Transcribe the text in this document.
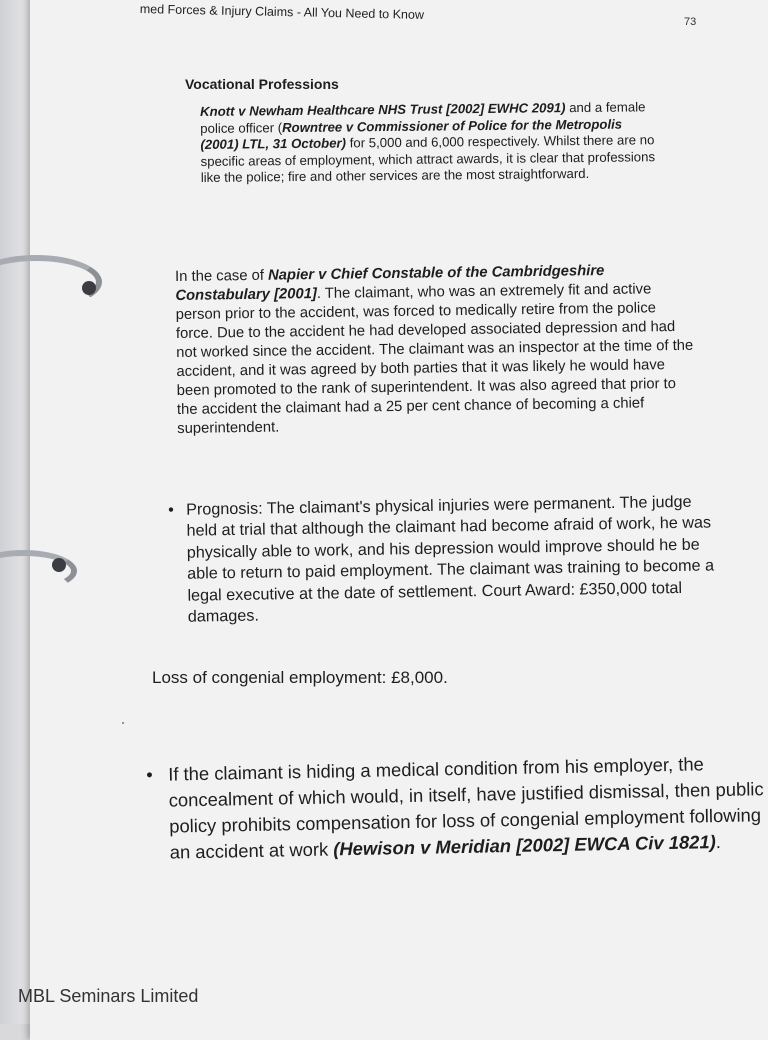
med Forces & Injury Claims - All You Need to Know
73
Vocational Professions
Knott v Newham Healthcare NHS Trust [2002] EWHC 2091) and a female police officer (Rowntree v Commissioner of Police for the Metropolis (2001) LTL, 31 October) for 5,000 and 6,000 respectively. Whilst there are no specific areas of employment, which attract awards, it is clear that professions like the police; fire and other services are the most straightforward.
In the case of Napier v Chief Constable of the Cambridgeshire Constabulary [2001]. The claimant, who was an extremely fit and active person prior to the accident, was forced to medically retire from the police force. Due to the accident he had developed associated depression and had not worked since the accident. The claimant was an inspector at the time of the accident, and it was agreed by both parties that it was likely he would have been promoted to the rank of superintendent. It was also agreed that prior to the accident the claimant had a 25 per cent chance of becoming a chief superintendent.
• Prognosis: The claimant's physical injuries were permanent. The judge held at trial that although the claimant had become afraid of work, he was physically able to work, and his depression would improve should he be able to return to paid employment. The claimant was training to become a legal executive at the date of settlement. Court Award: £350,000 total damages.
Loss of congenial employment: £8,000.
• If the claimant is hiding a medical condition from his employer, the concealment of which would, in itself, have justified dismissal, then public policy prohibits compensation for loss of congenial employment following an accident at work (Hewison v Meridian [2002] EWCA Civ 1821).
MBL Seminars Limited
